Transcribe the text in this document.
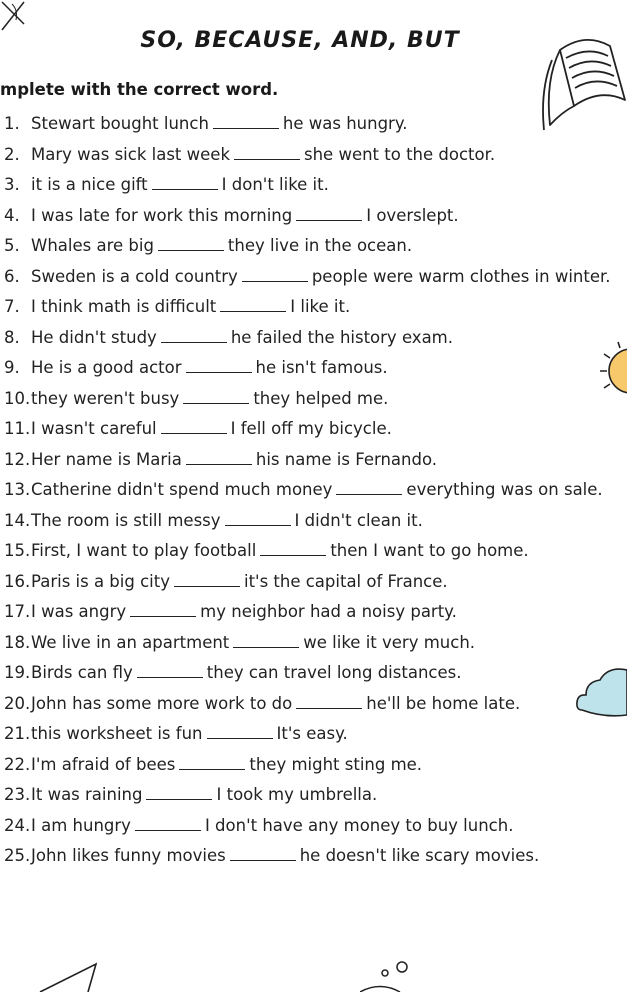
SO, BECAUSE, AND, BUT
mplete with the correct word.
1. Stewart bought lunch	he was hungry.
2. Mary was sick last week	she went to the doctor.
3. it is a nice gift	I don't like it.
4. I was late for work this morning	I overslept.
5. Whales are big	they live in the ocean.
6. Sweden is a cold country	people were warm clothes in winter.
7. I think math is difficult	I like it.
8. He didn't study	he failed the history exam.
9. He is a good actor	he isn't famous.
10. they weren't busy	they helped me.
11. I wasn't careful	I fell off my bicycle.
12. Her name is Maria	his name is Fernando.
13. Catherine didn't spend much money	everything was on sale.
14. The room is still messy	I didn't clean it.
15. First, I want to play football	then I want to go home.
16. Paris is a big city	it's the capital of France.
17. I was angry	my neighbor had a noisy party.
18. We live in an apartment	we like it very much.
19. Birds can fly	they can travel long distances.
20. John has some more work to do	he'll be home late.
21. this worksheet is fun	It's easy.
22. I'm afraid of bees	they might sting me.
23. It was raining	I took my umbrella.
24. I am hungry	I don't have any money to buy lunch.
25. John likes funny movies	he doesn't like scary movies.
